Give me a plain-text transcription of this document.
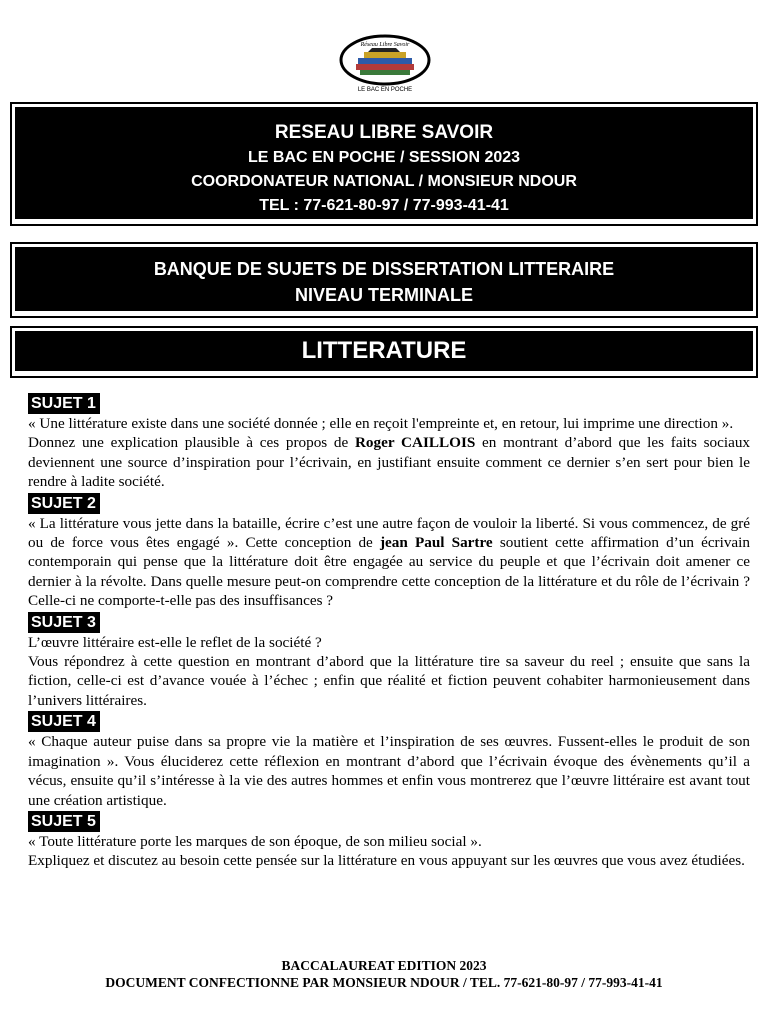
Réseau Libre Savoir
LE BAC EN POCHE
RESEAU LIBRE SAVOIR
LE BAC EN POCHE / SESSION 2023
COORDONATEUR NATIONAL / MONSIEUR NDOUR
TEL : 77-621-80-97 / 77-993-41-41
BANQUE DE SUJETS DE DISSERTATION LITTERAIRE
NIVEAU TERMINALE
LITTERATURE
SUJET 1

« Une littérature existe dans une société donnée ; elle en reçoit l'empreinte et, en retour, lui imprime une direction ».

Donnez une explication plausible à ces propos de Roger CAILLOIS en montrant d’abord que les faits sociaux deviennent une source d’inspiration pour l’écrivain, en justifiant ensuite comment ce dernier s’en sert pour bien le rendre à ladite société.

SUJET 2

« La littérature vous jette dans la bataille, écrire c’est une autre façon de vouloir la liberté. Si vous commencez, de gré ou de force vous êtes engagé ». Cette conception de jean Paul Sartre soutient cette affirmation d’un écrivain contemporain qui pense que la littérature doit être engagée au service du peuple et que l’écrivain doit amener ce dernier à la révolte. Dans quelle mesure peut-on comprendre cette conception de la littérature et du rôle de l’écrivain ? Celle-ci ne comporte-t-elle pas des insuffisances ?

SUJET 3

L’œuvre littéraire est-elle le reflet de la société ?

Vous répondrez à cette question en montrant d’abord que la littérature tire sa saveur du reel ; ensuite que sans la fiction, celle-ci est d’avance vouée à l’échec ; enfin que réalité et fiction peuvent cohabiter harmonieusement dans l’univers littéraires.

SUJET 4

« Chaque auteur puise dans sa propre vie la matière et l’inspiration de ses œuvres. Fussent-elles le produit de son imagination ». Vous éluciderez cette réflexion en montrant d’abord que l’écrivain évoque des évènements qu’il a vécus, ensuite qu’il s’intéresse à la vie des autres hommes et enfin vous montrerez que l’œuvre littéraire est avant tout une création artistique.

SUJET 5

« Toute littérature porte les marques de son époque, de son milieu social ».

Expliquez et discutez au besoin cette pensée sur la littérature en vous appuyant sur les œuvres que vous avez étudiées.

BACCALAUREAT EDITION 2023
DOCUMENT CONFECTIONNE PAR MONSIEUR NDOUR / TEL. 77-621-80-97 / 77-993-41-41
